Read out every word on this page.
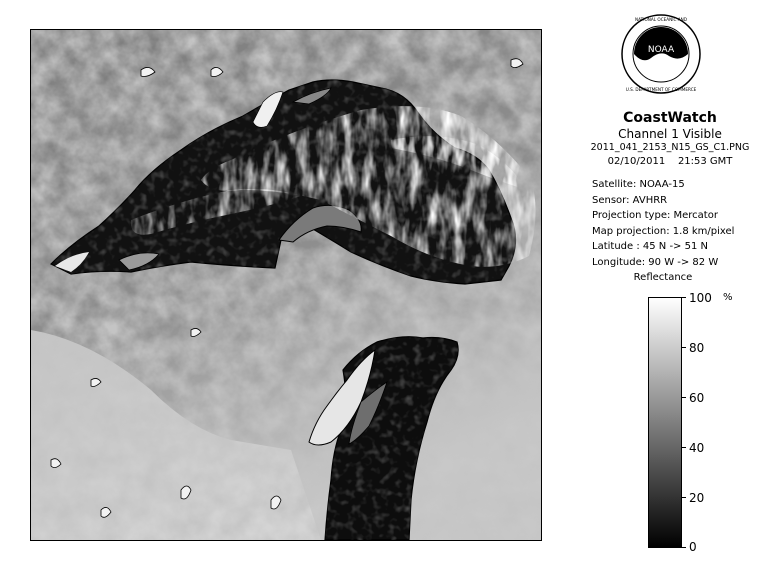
NOAA
NATIONAL OCEANIC AND
U.S. DEPARTMENT OF COMMERCE
CoastWatch
Channel 1 Visible
2011_041_2153_N15_GS_C1.PNG
02/10/2011 21:53 GMT
Satellite: NOAA-15
Sensor: AVHRR
Projection type: Mercator
Map projection: 1.8 km/pixel
Latitude : 45 N -> 51 N
Longitude: 90 W -> 82 W
Reflectance
%
100
80
60
40
20
0
